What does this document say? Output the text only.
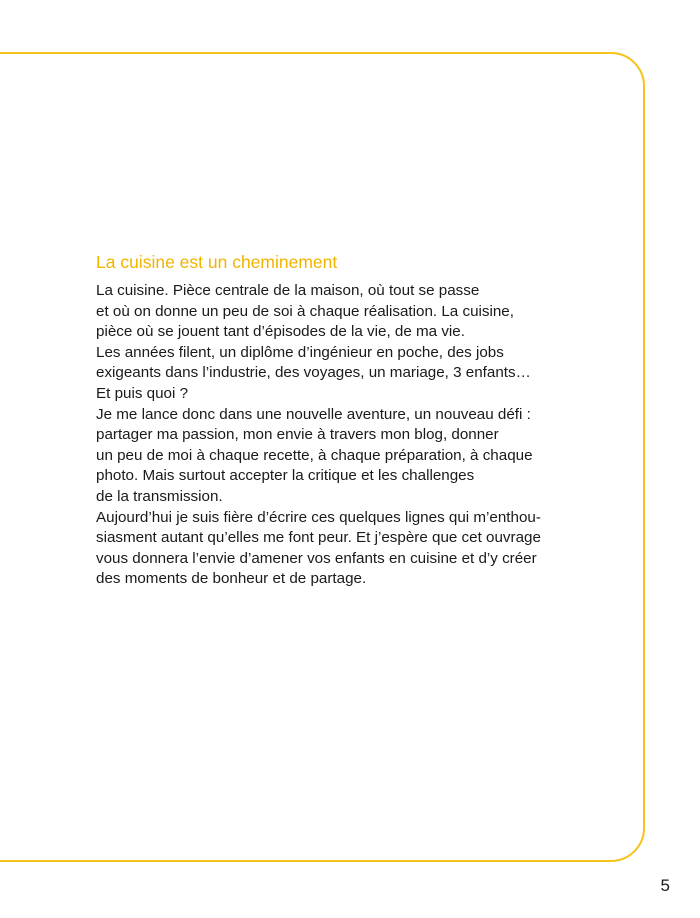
La cuisine est un cheminement
La cuisine. Pièce centrale de la maison, où tout se passe
et où on donne un peu de soi à chaque réalisation. La cuisine,
pièce où se jouent tant d’épisodes de la vie, de ma vie.
Les années filent, un diplôme d’ingénieur en poche, des jobs
exigeants dans l’industrie, des voyages, un mariage, 3 enfants…
Et puis quoi ?
Je me lance donc dans une nouvelle aventure, un nouveau défi :
partager ma passion, mon envie à travers mon blog, donner
un peu de moi à chaque recette, à chaque préparation, à chaque
photo. Mais surtout accepter la critique et les challenges
de la transmission.
Aujourd’hui je suis fière d’écrire ces quelques lignes qui m’enthou-
siasment autant qu’elles me font peur. Et j’espère que cet ouvrage
vous donnera l’envie d’amener vos enfants en cuisine et d’y créer
des moments de bonheur et de partage.
5
